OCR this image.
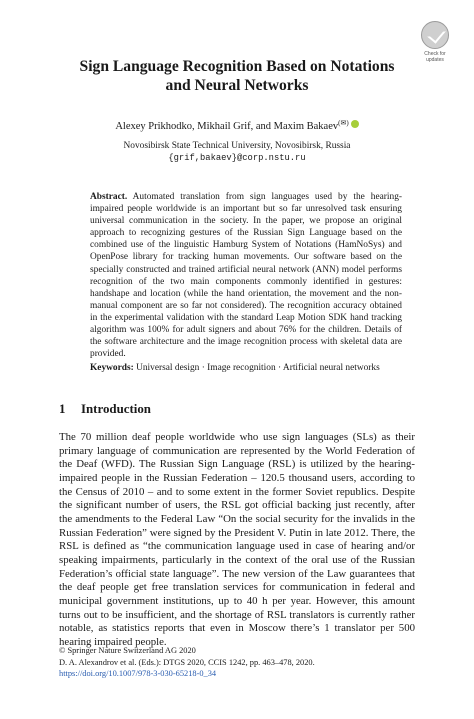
Check for
updates
Sign Language Recognition Based on Notations
and Neural Networks
Alexey Prikhodko, Mikhail Grif, and Maxim Bakaev(✉)
Novosibirsk State Technical University, Novosibirsk, Russia
{grif,bakaev}@corp.nstu.ru
Abstract. Automated translation from sign languages used by the hearing-impaired people worldwide is an important but so far unresolved task ensuring universal communication in the society. In the paper, we propose an original approach to recognizing gestures of the Russian Sign Language based on the combined use of the linguistic Hamburg System of Notations (HamNoSys) and OpenPose library for tracking human movements. Our software based on the specially constructed and trained artificial neural network (ANN) model performs recognition of the two main components commonly identified in gestures: handshape and location (while the hand orientation, the movement and the non-manual component are so far not considered). The recognition accuracy obtained in the experimental validation with the standard Leap Motion SDK hand tracking algorithm was 100% for adult signers and about 76% for the children. Details of the software architecture and the image recognition process with skeletal data are provided.
Keywords: Universal design · Image recognition · Artificial neural networks
1 Introduction
The 70 million deaf people worldwide who use sign languages (SLs) as their primary language of communication are represented by the World Federation of the Deaf (WFD). The Russian Sign Language (RSL) is utilized by the hearing-impaired people in the Russian Federation – 120.5 thousand users, according to the Census of 2010 – and to some extent in the former Soviet republics. Despite the significant number of users, the RSL got official backing just recently, after the amendments to the Federal Law “On the social security for the invalids in the Russian Federation” were signed by the President V. Putin in late 2012. There, the RSL is defined as “the communication language used in case of hearing and/or speaking impairments, particularly in the context of the oral use of the Russian Federation’s official state language”. The new version of the Law guarantees that the deaf people get free translation services for communication in federal and municipal government institutions, up to 40 h per year. However, this amount turns out to be insufficient, and the shortage of RSL translators is currently rather notable, as statistics reports that even in Moscow there’s 1 translator per 500 hearing impaired people.
© Springer Nature Switzerland AG 2020
D. A. Alexandrov et al. (Eds.): DTGS 2020, CCIS 1242, pp. 463–478, 2020.
https://doi.org/10.1007/978-3-030-65218-0_34
